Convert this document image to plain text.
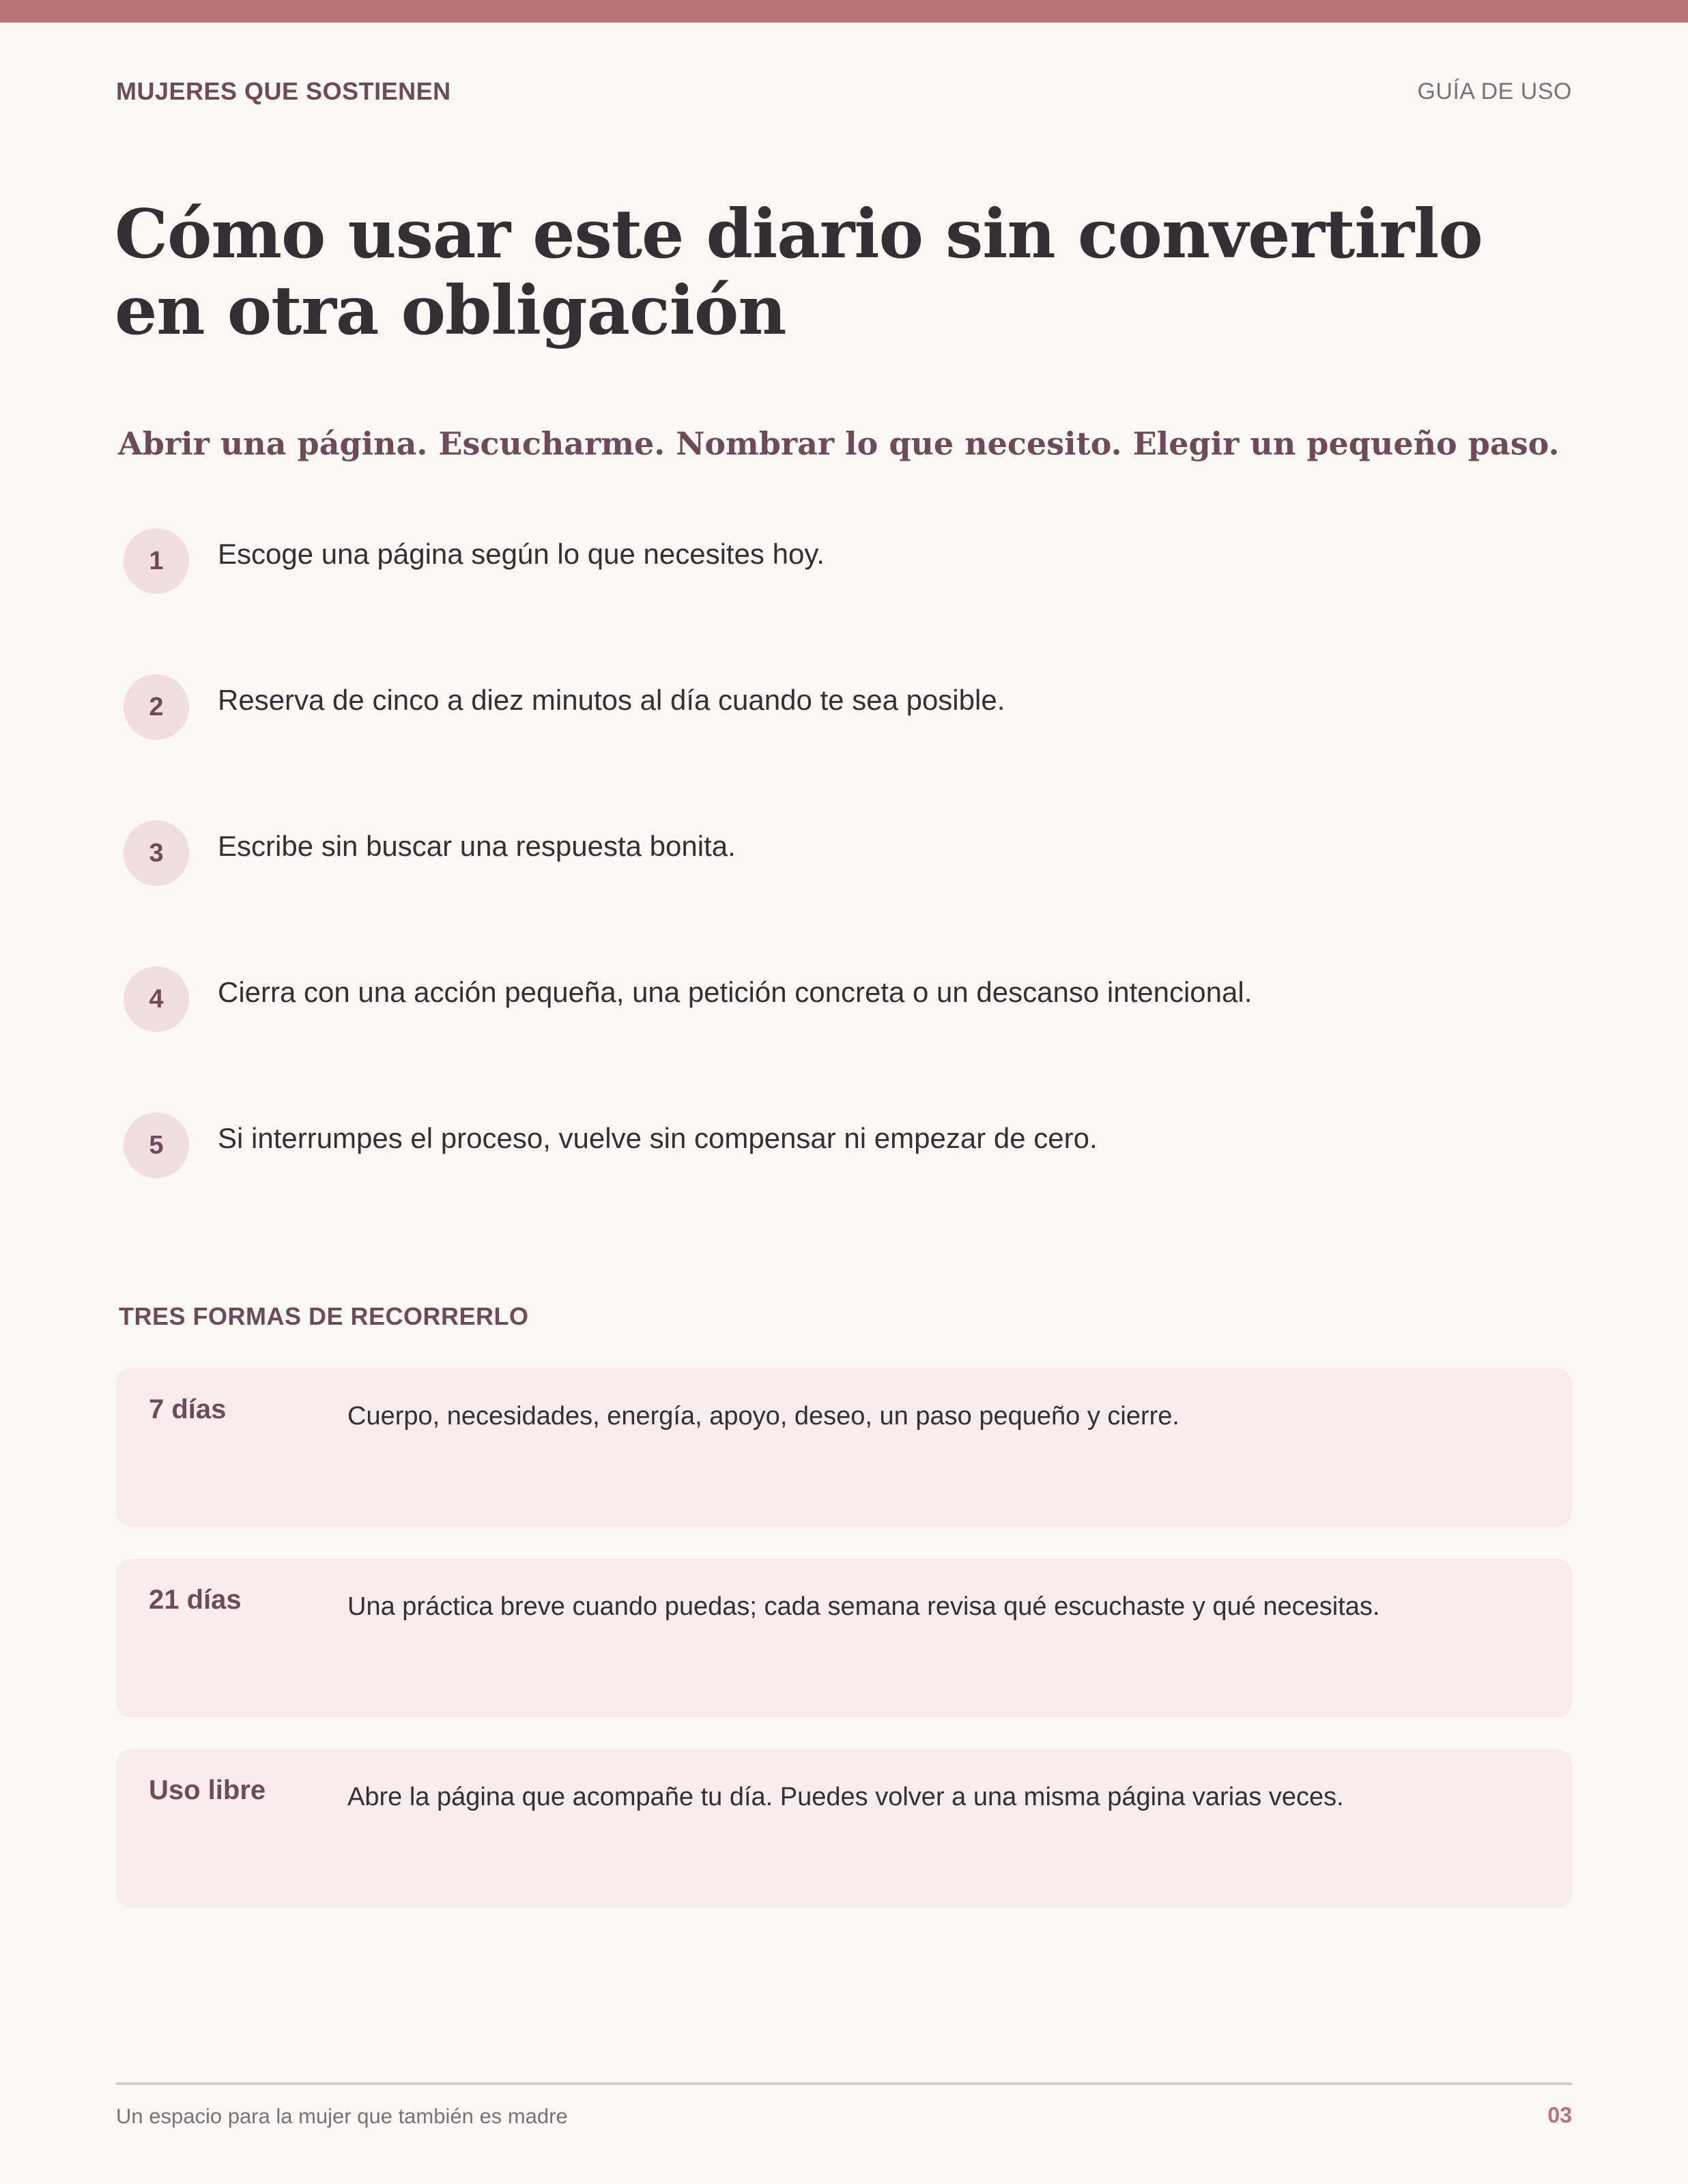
MUJERES QUE SOSTIENEN	GUÍA DE USO
Cómo usar este diario sin convertirlo en otra obligación
Abrir una página. Escucharme. Nombrar lo que necesito. Elegir un pequeño paso.
1	Escoge una página según lo que necesites hoy.
2	Reserva de cinco a diez minutos al día cuando te sea posible.
3	Escribe sin buscar una respuesta bonita.
4	Cierra con una acción pequeña, una petición concreta o un descanso intencional.
5	Si interrumpes el proceso, vuelve sin compensar ni empezar de cero.
TRES FORMAS DE RECORRERLO
7 días	Cuerpo, necesidades, energía, apoyo, deseo, un paso pequeño y cierre.
21 días	Una práctica breve cuando puedas; cada semana revisa qué escuchaste y qué necesitas.
Uso libre	Abre la página que acompañe tu día. Puedes volver a una misma página varias veces.
Un espacio para la mujer que también es madre	03
